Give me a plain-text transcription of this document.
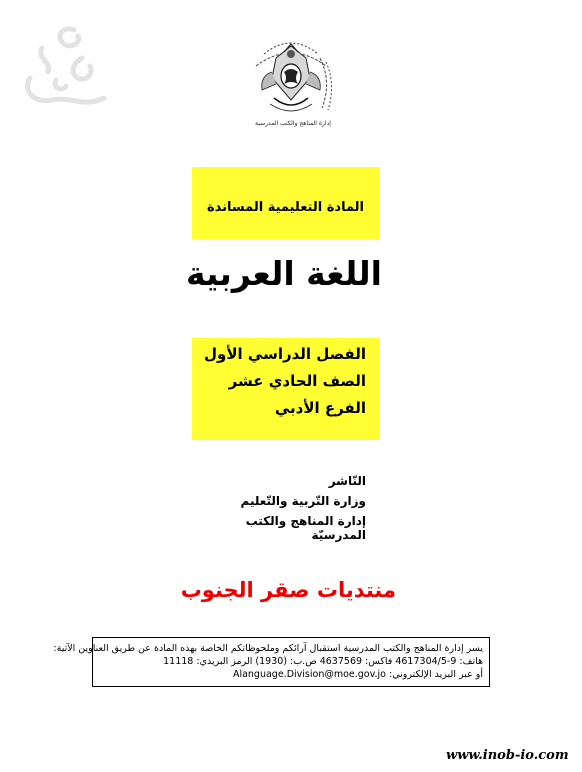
إدارة المناهج والكتب المدرسية
المادة التعليمية المساندة
اللغة العربية
الفصل الدراسي الأول
الصف الحادي عشر
الفرع الأدبي
النّاشر
وزارة التّربية والتّعليم
إدارة المناهج والكتب المدرسيّة
منتديات صقر الجنوب
يسر إدارة المناهج والكتب المدرسية استقبال آرائكم وملحوظاتكم الخاصة بهذه المادة عن طريق العناوين الآتية:
هاتف: 9-4617304/5 فاكس: 4637569 ص.ب: (1930) الرمز البريدي: 11118
أو عبر البريد الإلكتروني: Alanguage.Division@moe.gov.jo
www.inob-io.com
